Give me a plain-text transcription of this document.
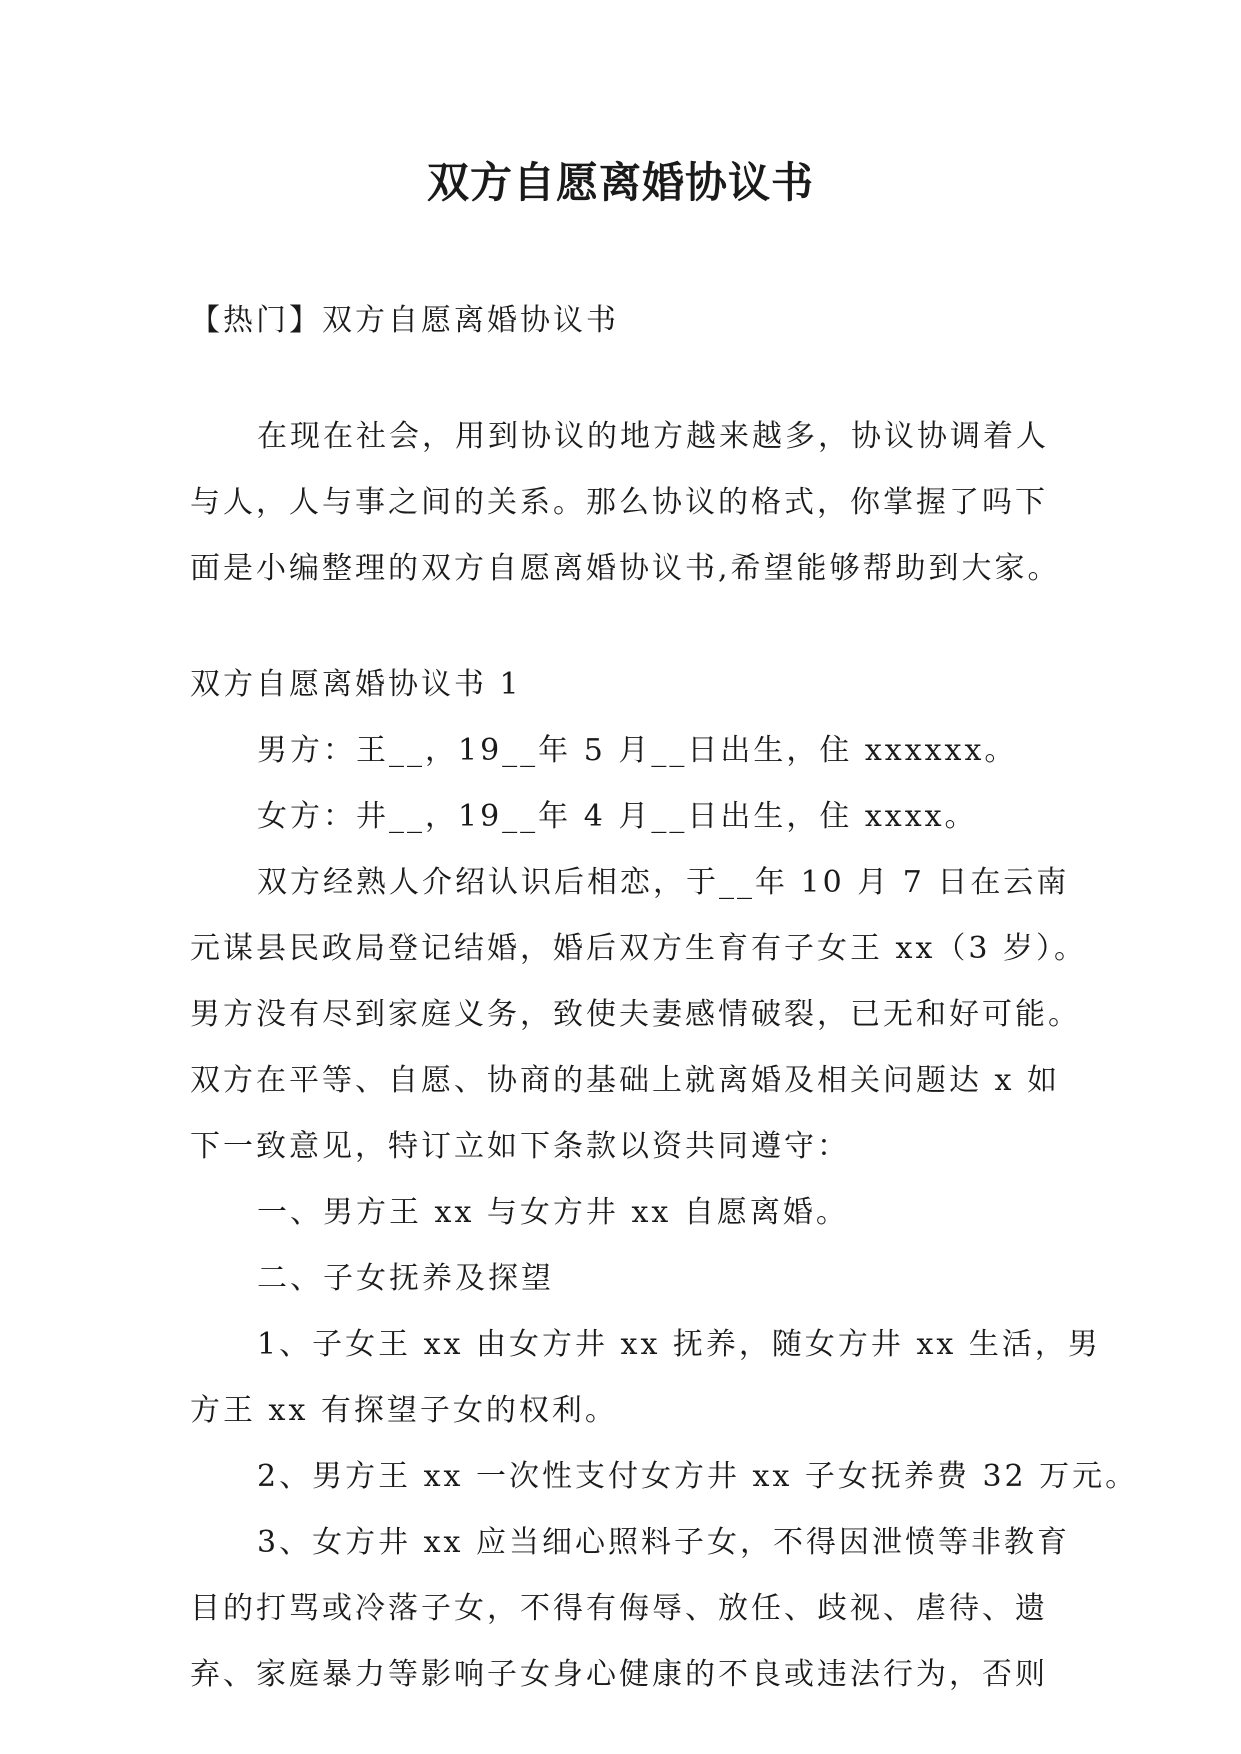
双方自愿离婚协议书

【热门】双方自愿离婚协议书

在现在社会，用到协议的地方越来越多，协议协调着人

与人，人与事之间的关系。那么协议的格式，你掌握了吗下

面是小编整理的双方自愿离婚协议书,希望能够帮助到大家。

双方自愿离婚协议书 1

男方：王__，19__年 5 月__日出生，住 xxxxxx。

女方：井__，19__年 4 月__日出生，住 xxxx。

双方经熟人介绍认识后相恋，于__年 10 月 7 日在云南

元谋县民政局登记结婚，婚后双方生育有子女王 xx（3 岁）。

男方没有尽到家庭义务，致使夫妻感情破裂，已无和好可能。

双方在平等、自愿、协商的基础上就离婚及相关问题达 x 如

下一致意见，特订立如下条款以资共同遵守：

一、男方王 xx 与女方井 xx 自愿离婚。

二、子女抚养及探望

1、子女王 xx 由女方井 xx 抚养，随女方井 xx 生活，男

方王 xx 有探望子女的权利。

2、男方王 xx 一次性支付女方井 xx 子女抚养费 32 万元。

3、女方井 xx 应当细心照料子女，不得因泄愤等非教育

目的打骂或冷落子女，不得有侮辱、放任、歧视、虐待、遗

弃、家庭暴力等影响子女身心健康的不良或违法行为，否则
